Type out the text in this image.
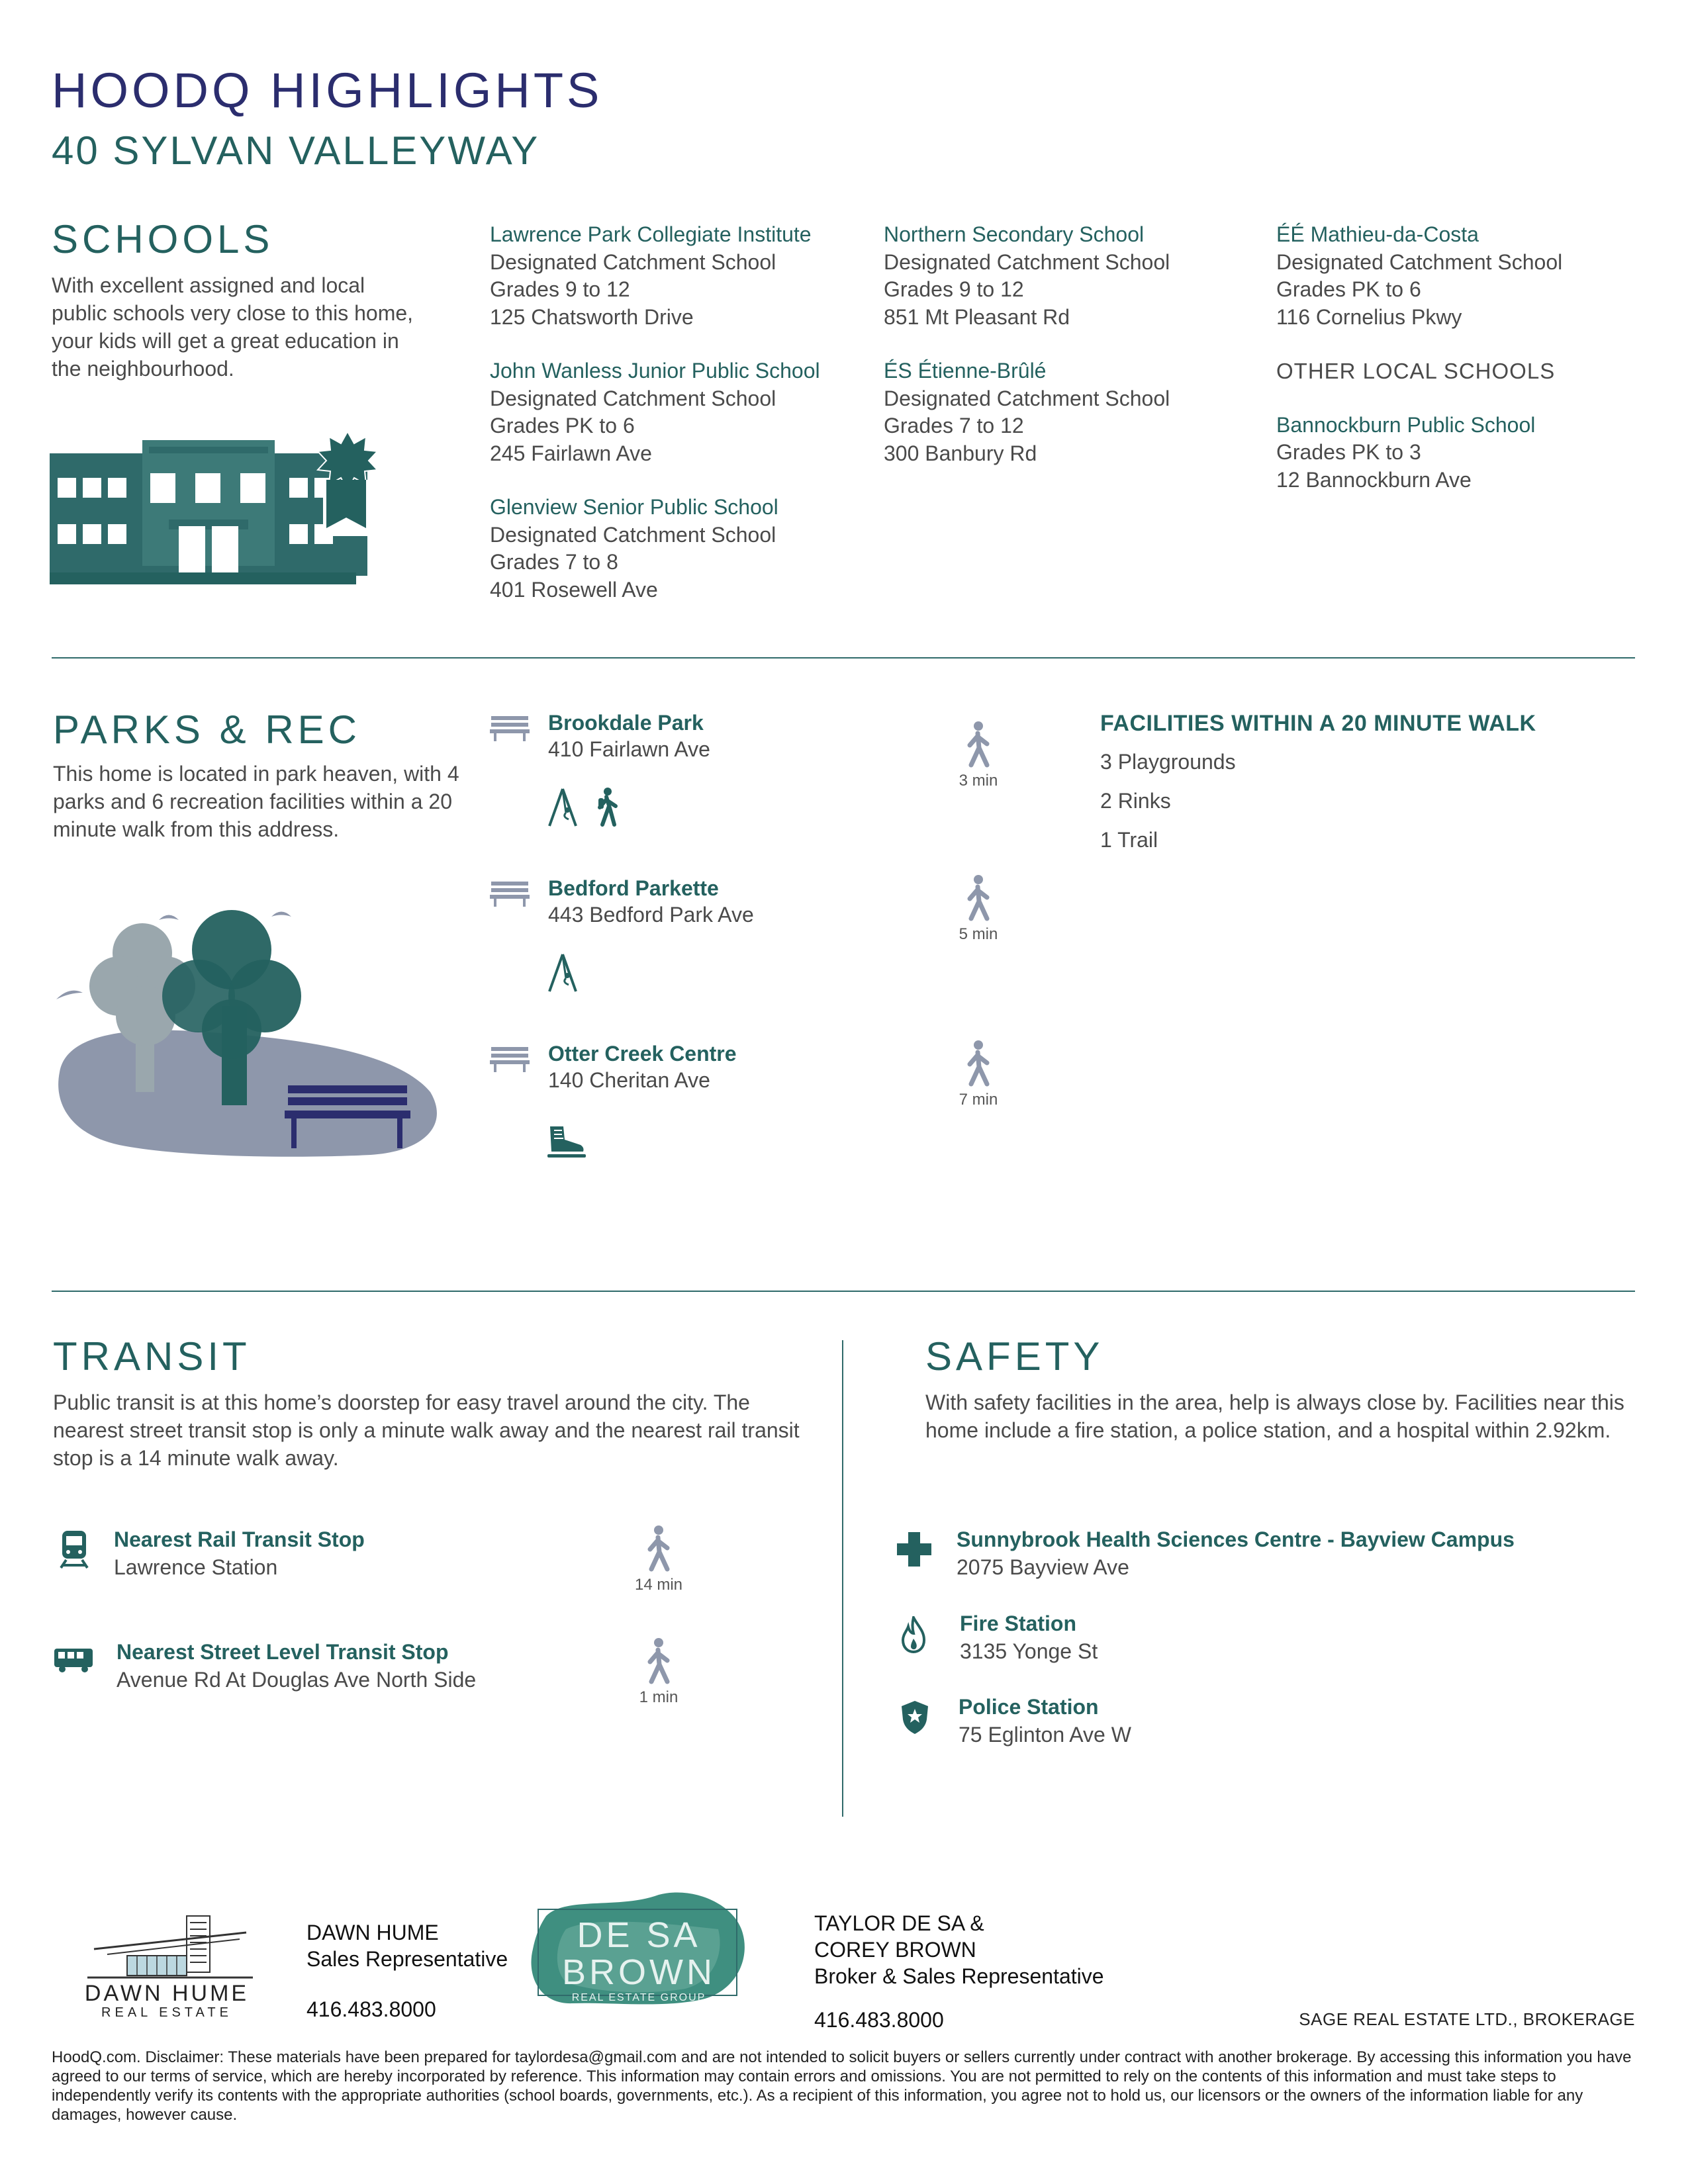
HOODQ HIGHLIGHTS
40 SYLVAN VALLEYWAY
SCHOOLS
With excellent assigned and local public schools very close to this home, your kids will get a great education in the neighbourhood.
Lawrence Park Collegiate Institute
Designated Catchment School
Grades 9 to 12
125 Chatsworth Drive
John Wanless Junior Public School
Designated Catchment School
Grades PK to 6
245 Fairlawn Ave
Glenview Senior Public School
Designated Catchment School
Grades 7 to 8
401 Rosewell Ave
Northern Secondary School
Designated Catchment School
Grades 9 to 12
851 Mt Pleasant Rd
ÉS Étienne-Brûlé
Designated Catchment School
Grades 7 to 12
300 Banbury Rd
ÉÉ Mathieu-da-Costa
Designated Catchment School
Grades PK to 6
116 Cornelius Pkwy
OTHER LOCAL SCHOOLS
Bannockburn Public School
Grades PK to 3
12 Bannockburn Ave
PARKS & REC
This home is located in park heaven, with 4 parks and 6 recreation facilities within a 20 minute walk from this address.
Brookdale Park
410 Fairlawn Ave
3 min
Bedford Parkette
443 Bedford Park Ave
5 min
Otter Creek Centre
140 Cheritan Ave
7 min
FACILITIES WITHIN A 20 MINUTE WALK
3 Playgrounds
2 Rinks
1 Trail
TRANSIT
Public transit is at this home’s doorstep for easy travel around the city. The nearest street transit stop is only a minute walk away and the nearest rail transit stop is a 14 minute walk away.
Nearest Rail Transit Stop
Lawrence Station
14 min
Nearest Street Level Transit Stop
Avenue Rd At Douglas Ave North Side
1 min
SAFETY
With safety facilities in the area, help is always close by. Facilities near this home include a fire station, a police station, and a hospital within 2.92km.
Sunnybrook Health Sciences Centre - Bayview Campus
2075 Bayview Ave
Fire Station
3135 Yonge St
Police Station
75 Eglinton Ave W
DAWN HUME
REAL ESTATE
DAWN HUME
Sales Representative
416.483.8000
DE SA
BROWN
REAL ESTATE GROUP
TAYLOR DE SA &
COREY BROWN
Broker & Sales Representative
416.483.8000	SAGE REAL ESTATE LTD., BROKERAGE
HoodQ.com. Disclaimer: These materials have been prepared for taylordesa@gmail.com and are not intended to solicit buyers or sellers currently under contract with another brokerage. By accessing this information you have agreed to our terms of service, which are hereby incorporated by reference. This information may contain errors and omissions. You are not permitted to rely on the contents of this information and must take steps to independently verify its contents with the appropriate authorities (school boards, governments, etc.). As a recipient of this information, you agree not to hold us, our licensors or the owners of the information liable for any damages, however cause.
